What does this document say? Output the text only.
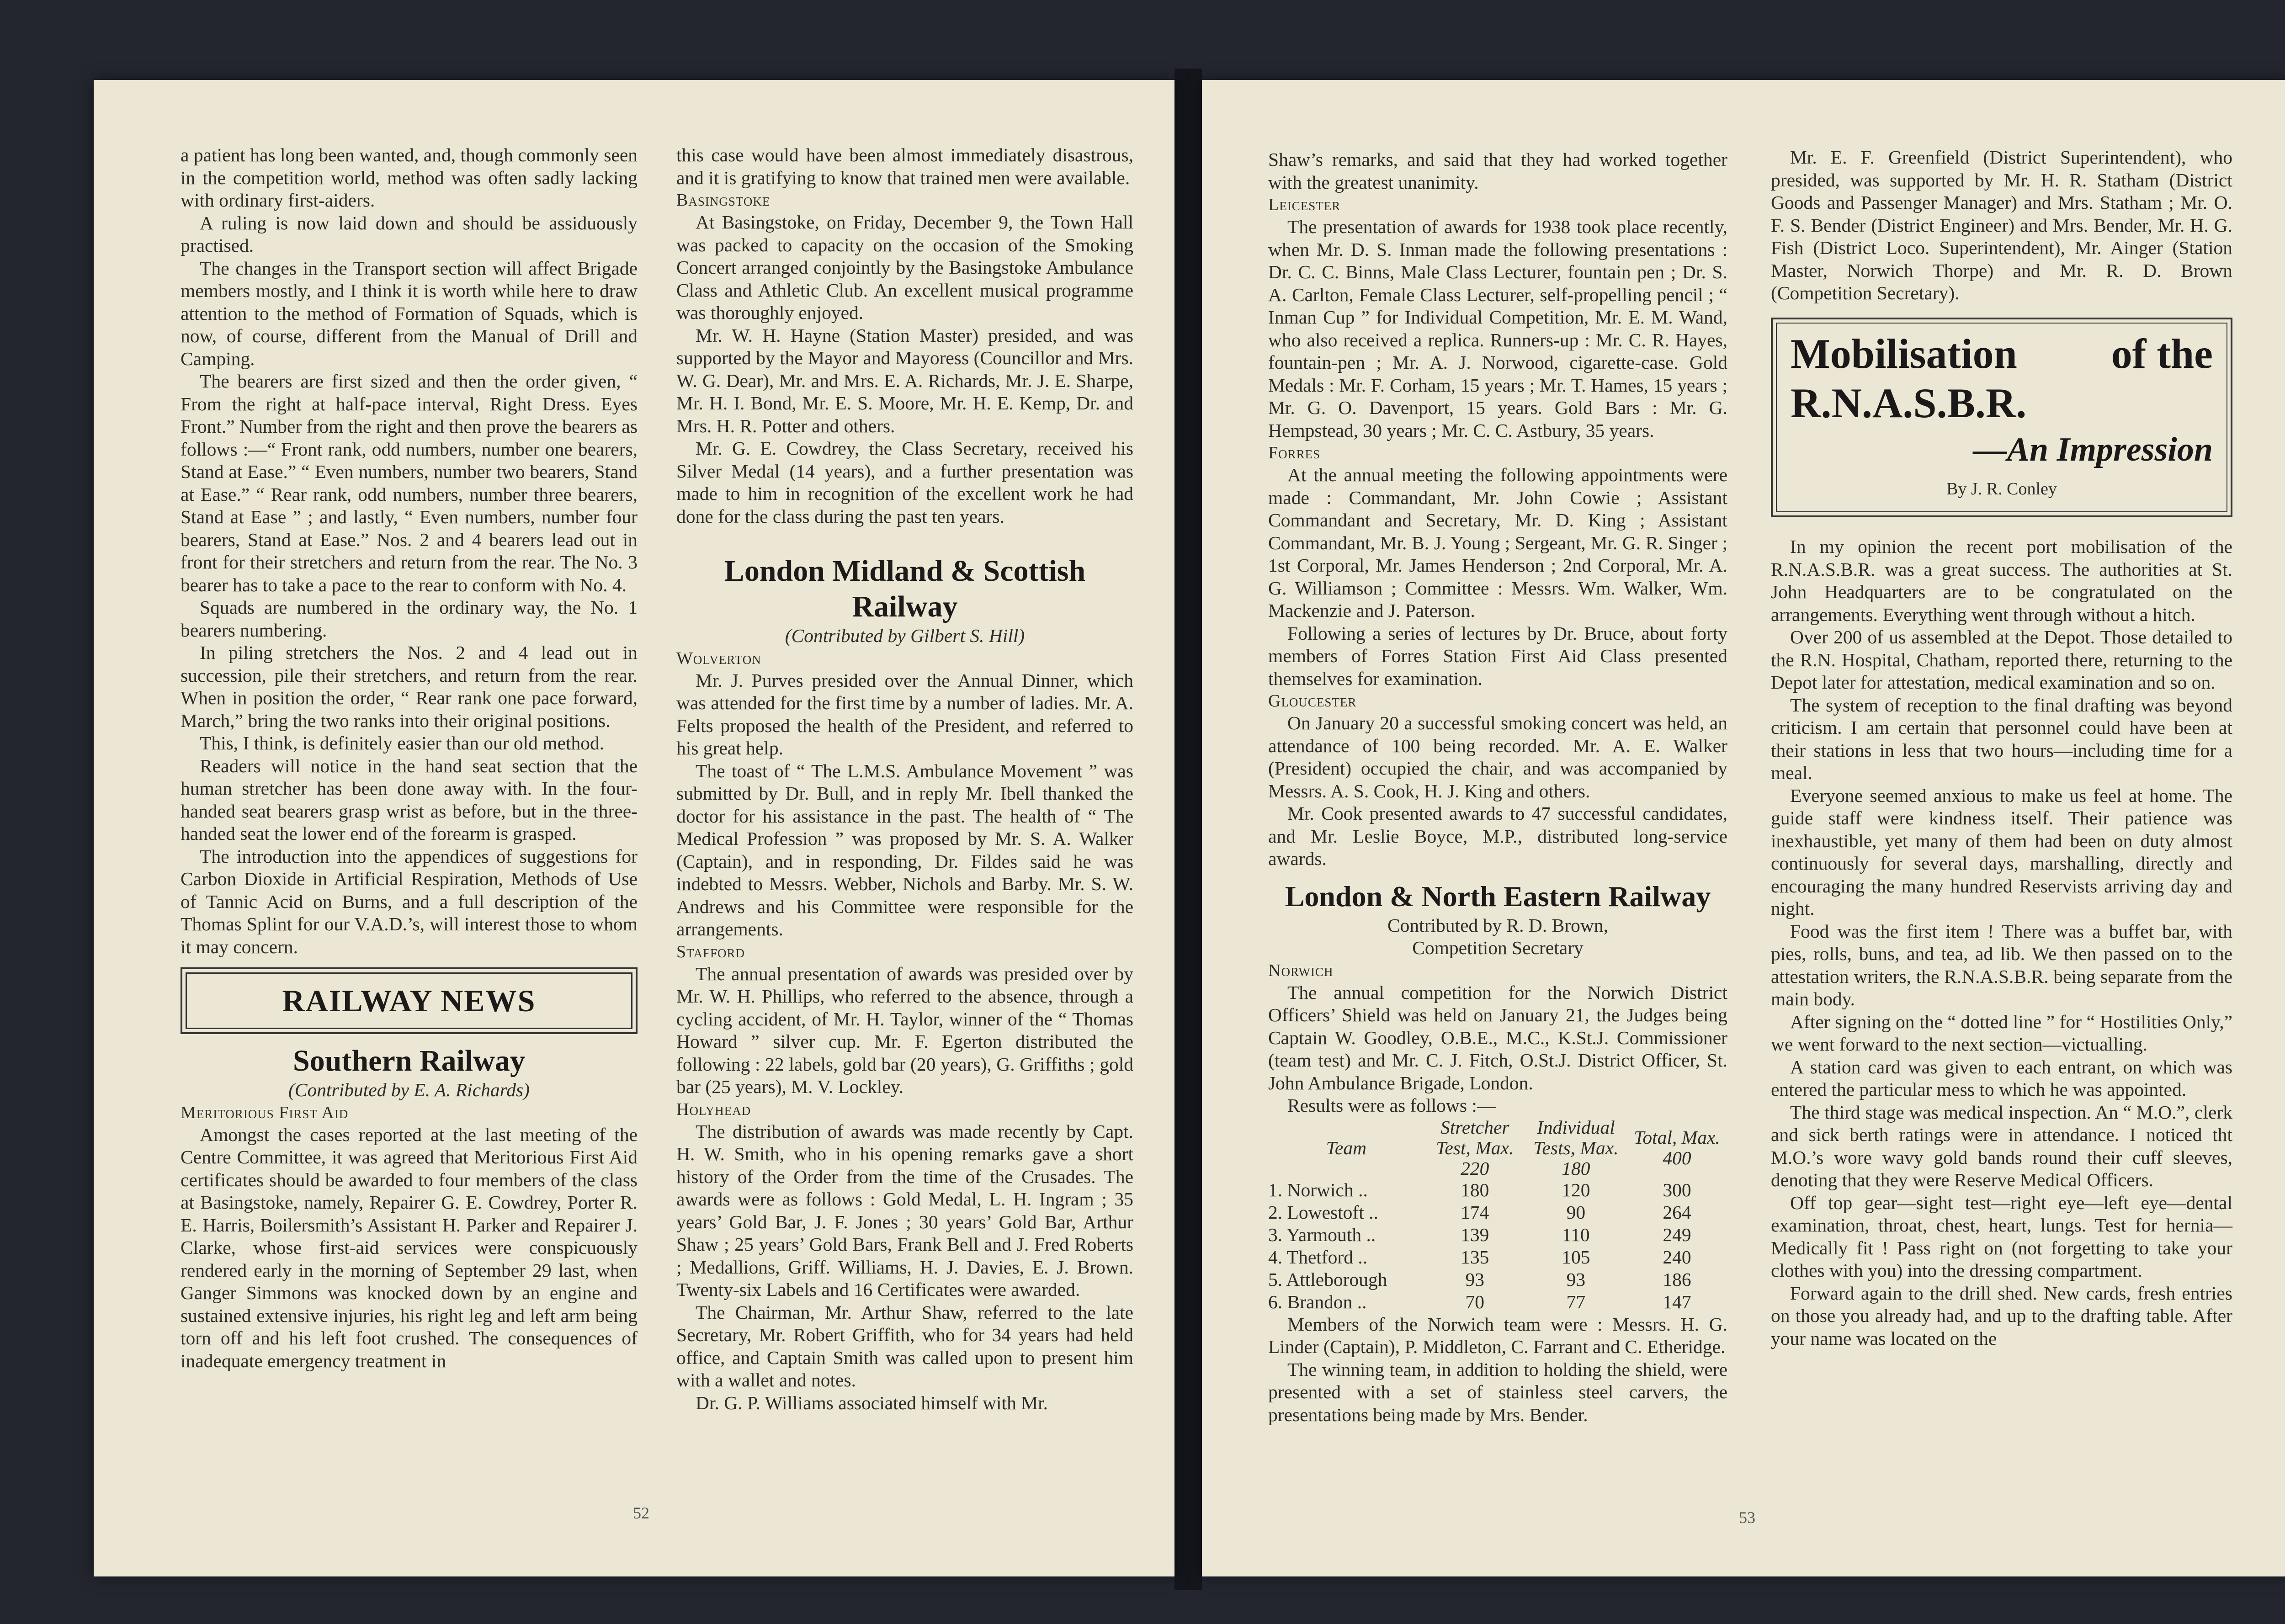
a patient has long been wanted, and, though commonly seen in the competition world, method was often sadly lacking with ordinary first-aiders.

A ruling is now laid down and should be assiduously practised.

The changes in the Transport section will affect Brigade members mostly, and I think it is worth while here to draw attention to the method of Formation of Squads, which is now, of course, different from the Manual of Drill and Camping.

The bearers are first sized and then the order given, “ From the right at half-pace interval, Right Dress. Eyes Front.” Number from the right and then prove the bearers as follows :—“ Front rank, odd numbers, number one bearers, Stand at Ease.” “ Even numbers, number two bearers, Stand at Ease.” “ Rear rank, odd numbers, number three bearers, Stand at Ease ” ; and lastly, “ Even numbers, number four bearers, Stand at Ease.” Nos. 2 and 4 bearers lead out in front for their stretchers and return from the rear. The No. 3 bearer has to take a pace to the rear to conform with No. 4.

Squads are numbered in the ordinary way, the No. 1 bearers numbering.

In piling stretchers the Nos. 2 and 4 lead out in succession, pile their stretchers, and return from the rear. When in position the order, “ Rear rank one pace forward, March,” bring the two ranks into their original positions.

This, I think, is definitely easier than our old method.

Readers will notice in the hand seat section that the human stretcher has been done away with. In the four-handed seat bearers grasp wrist as before, but in the three-handed seat the lower end of the forearm is grasped.

The introduction into the appendices of suggestions for Carbon Dioxide in Artificial Respiration, Methods of Use of Tannic Acid on Burns, and a full description of the Thomas Splint for our V.A.D.’s, will interest those to whom it may concern.

RAILWAY NEWS
Southern Railway
(Contributed by E. A. Richards)
Meritorious First Aid

Amongst the cases reported at the last meeting of the Centre Committee, it was agreed that Meritorious First Aid certificates should be awarded to four members of the class at Basingstoke, namely, Repairer G. E. Cowdrey, Porter R. E. Harris, Boilersmith’s Assistant H. Parker and Repairer J. Clarke, whose first-aid services were conspicuously rendered early in the morning of September 29 last, when Ganger Simmons was knocked down by an engine and sustained extensive injuries, his right leg and left arm being torn off and his left foot crushed. The consequences of inadequate emergency treatment in

this case would have been almost immediately disastrous, and it is gratifying to know that trained men were available.

Basingstoke

At Basingstoke, on Friday, December 9, the Town Hall was packed to capacity on the occasion of the Smoking Concert arranged conjointly by the Basingstoke Ambulance Class and Athletic Club. An excellent musical programme was thoroughly enjoyed.

Mr. W. H. Hayne (Station Master) presided, and was supported by the Mayor and Mayoress (Councillor and Mrs. W. G. Dear), Mr. and Mrs. E. A. Richards, Mr. J. E. Sharpe, Mr. H. I. Bond, Mr. E. S. Moore, Mr. H. E. Kemp, Dr. and Mrs. H. R. Potter and others.

Mr. G. E. Cowdrey, the Class Secretary, received his Silver Medal (14 years), and a further presentation was made to him in recognition of the excellent work he had done for the class during the past ten years.

London Midland & Scottish Railway
(Contributed by Gilbert S. Hill)
Wolverton

Mr. J. Purves presided over the Annual Dinner, which was attended for the first time by a number of ladies. Mr. A. Felts proposed the health of the President, and referred to his great help.

The toast of “ The L.M.S. Ambulance Movement ” was submitted by Dr. Bull, and in reply Mr. Ibell thanked the doctor for his assistance in the past. The health of “ The Medical Profession ” was proposed by Mr. S. A. Walker (Captain), and in responding, Dr. Fildes said he was indebted to Messrs. Webber, Nichols and Barby. Mr. S. W. Andrews and his Committee were responsible for the arrangements.

Stafford

The annual presentation of awards was presided over by Mr. W. H. Phillips, who referred to the absence, through a cycling accident, of Mr. H. Taylor, winner of the “ Thomas Howard ” silver cup. Mr. F. Egerton distributed the following : 22 labels, gold bar (20 years), G. Griffiths ; gold bar (25 years), M. V. Lockley.

Holyhead

The distribution of awards was made recently by Capt. H. W. Smith, who in his opening remarks gave a short history of the Order from the time of the Crusades. The awards were as follows : Gold Medal, L. H. Ingram ; 35 years’ Gold Bar, J. F. Jones ; 30 years’ Gold Bar, Arthur Shaw ; 25 years’ Gold Bars, Frank Bell and J. Fred Roberts ; Medallions, Griff. Williams, H. J. Davies, E. J. Brown. Twenty-six Labels and 16 Certificates were awarded.

The Chairman, Mr. Arthur Shaw, referred to the late Secretary, Mr. Robert Griffith, who for 34 years had held office, and Captain Smith was called upon to present him with a wallet and notes.

Dr. G. P. Williams associated himself with Mr.

52

Shaw’s remarks, and said that they had worked together with the greatest unanimity.

Leicester

The presentation of awards for 1938 took place recently, when Mr. D. S. Inman made the following presentations : Dr. C. C. Binns, Male Class Lecturer, fountain pen ; Dr. S. A. Carlton, Female Class Lecturer, self-propelling pencil ; “ Inman Cup ” for Individual Competition, Mr. E. M. Wand, who also received a replica. Runners-up : Mr. C. R. Hayes, fountain-pen ; Mr. A. J. Norwood, cigarette-case. Gold Medals : Mr. F. Corham, 15 years ; Mr. T. Hames, 15 years ; Mr. G. O. Davenport, 15 years. Gold Bars : Mr. G. Hempstead, 30 years ; Mr. C. C. Astbury, 35 years.

Forres

At the annual meeting the following appointments were made : Commandant, Mr. John Cowie ; Assistant Commandant and Secretary, Mr. D. King ; Assistant Commandant, Mr. B. J. Young ; Sergeant, Mr. G. R. Singer ; 1st Corporal, Mr. James Henderson ; 2nd Corporal, Mr. A. G. Williamson ; Committee : Messrs. Wm. Walker, Wm. Mackenzie and J. Paterson.

Following a series of lectures by Dr. Bruce, about forty members of Forres Station First Aid Class presented themselves for examination.

Gloucester

On January 20 a successful smoking concert was held, an attendance of 100 being recorded. Mr. A. E. Walker (President) occupied the chair, and was accompanied by Messrs. A. S. Cook, H. J. King and others.

Mr. Cook presented awards to 47 successful candidates, and Mr. Leslie Boyce, M.P., distributed long-service awards.

London & North Eastern Railway
Contributed by R. D. Brown, Competition Secretary
Norwich

The annual competition for the Norwich District Officers’ Shield was held on January 21, the Judges being Captain W. Goodley, O.B.E., M.C., K.St.J. Commissioner (team test) and Mr. C. J. Fitch, O.St.J. District Officer, St. John Ambulance Brigade, London.

Results were as follows :—

Team	Stretcher Test, Max. 220	Individual Tests, Max. 180	Total, Max. 400
1. Norwich ..	180	120	300
2. Lowestoft ..	174	90	264
3. Yarmouth ..	139	110	249
4. Thetford ..	135	105	240
5. Attleborough	93	93	186
6. Brandon ..	70	77	147

Members of the Norwich team were : Messrs. H. G. Linder (Captain), P. Middleton, C. Farrant and C. Etheridge.

The winning team, in addition to holding the shield, were presented with a set of stainless steel carvers, the presentations being made by Mrs. Bender.

Mr. E. F. Greenfield (District Superintendent), who presided, was supported by Mr. H. R. Statham (District Goods and Passenger Manager) and Mrs. Statham ; Mr. O. F. S. Bender (District Engineer) and Mrs. Bender, Mr. H. G. Fish (District Loco. Superintendent), Mr. Ainger (Station Master, Norwich Thorpe) and Mr. R. D. Brown (Competition Secretary).

Mobilisation of the
R.N.A.S.B.R.
—An Impression
By J. R. Conley

In my opinion the recent port mobilisation of the R.N.A.S.B.R. was a great success. The authorities at St. John Headquarters are to be congratulated on the arrangements. Everything went through without a hitch.

Over 200 of us assembled at the Depot. Those detailed to the R.N. Hospital, Chatham, reported there, returning to the Depot later for attestation, medical examination and so on.

The system of reception to the final drafting was beyond criticism. I am certain that personnel could have been at their stations in less that two hours—including time for a meal.

Everyone seemed anxious to make us feel at home. The guide staff were kindness itself. Their patience was inexhaustible, yet many of them had been on duty almost continuously for several days, marshalling, directly and encouraging the many hundred Reservists arriving day and night.

Food was the first item ! There was a buffet bar, with pies, rolls, buns, and tea, ad lib. We then passed on to the attestation writers, the R.N.A.S.B.R. being separate from the main body.

After signing on the “ dotted line ” for “ Hostilities Only,” we went forward to the next section—victualling.

A station card was given to each entrant, on which was entered the particular mess to which he was appointed.

The third stage was medical inspection. An “ M.O.”, clerk and sick berth ratings were in attendance. I noticed tht M.O.’s wore wavy gold bands round their cuff sleeves, denoting that they were Reserve Medical Officers.

Off top gear—sight test—right eye—left eye—dental examination, throat, chest, heart, lungs. Test for hernia—Medically fit ! Pass right on (not forgetting to take your clothes with you) into the dressing compartment.

Forward again to the drill shed. New cards, fresh entries on those you already had, and up to the drafting table. After your name was located on the

53
